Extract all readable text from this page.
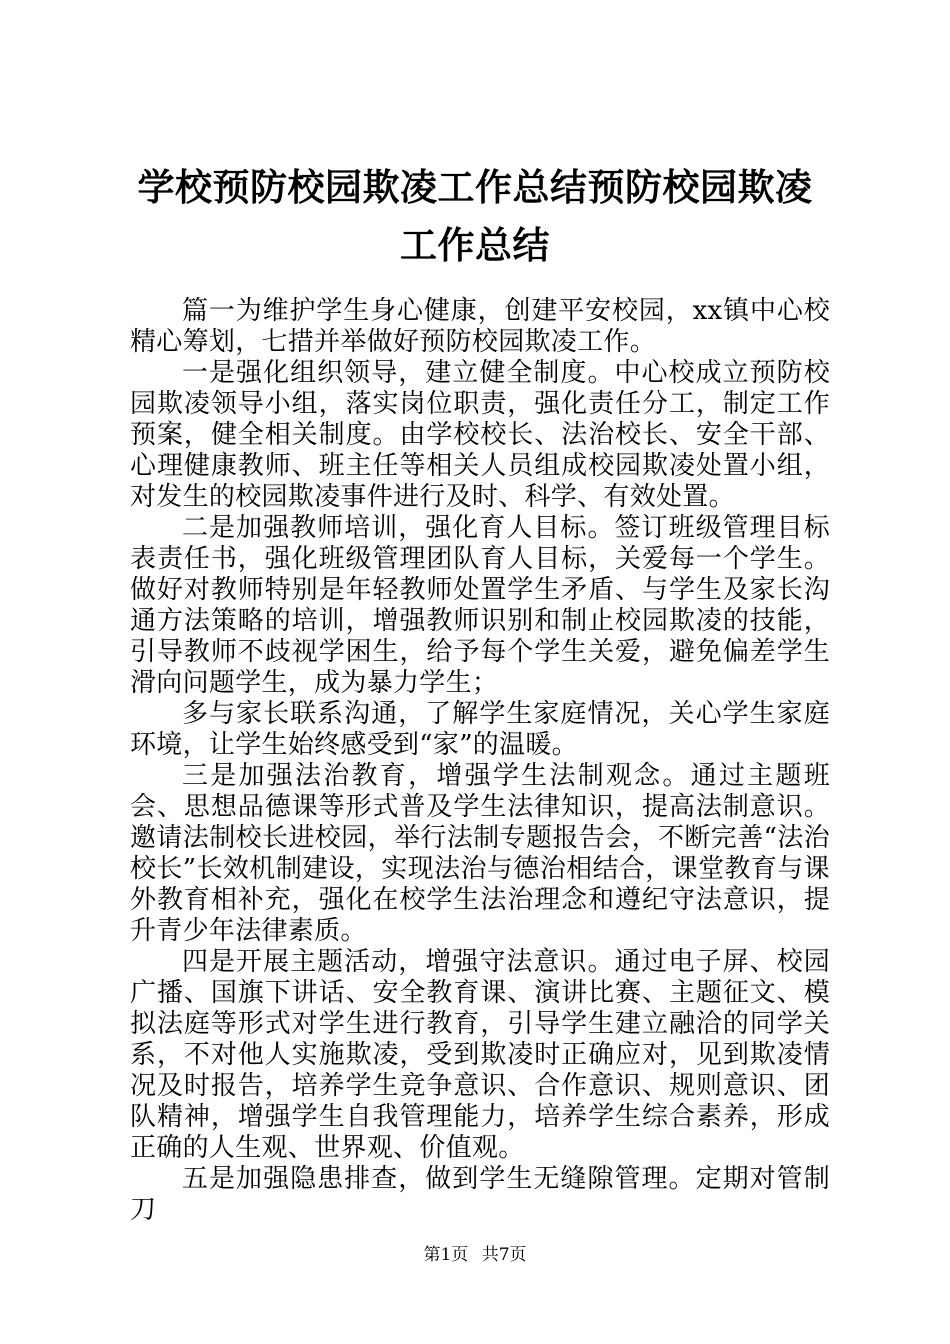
学校预防校园欺凌工作总结预防校园欺凌工作总结

篇一为维护学生身心健康，创建平安校园，xx镇中心校精心筹划，七措并举做好预防校园欺凌工作。

一是强化组织领导，建立健全制度。中心校成立预防校园欺凌领导小组，落实岗位职责，强化责任分工，制定工作预案，健全相关制度。由学校校长、法治校长、安全干部、心理健康教师、班主任等相关人员组成校园欺凌处置小组，对发生的校园欺凌事件进行及时、科学、有效处置。

二是加强教师培训，强化育人目标。签订班级管理目标表责任书，强化班级管理团队育人目标，关爱每一个学生。做好对教师特别是年轻教师处置学生矛盾、与学生及家长沟通方法策略的培训，增强教师识别和制止校园欺凌的技能，引导教师不歧视学困生，给予每个学生关爱，避免偏差学生滑向问题学生，成为暴力学生；

多与家长联系沟通，了解学生家庭情况，关心学生家庭环境，让学生始终感受到“家”的温暖。

三是加强法治教育，增强学生法制观念。通过主题班会、思想品德课等形式普及学生法律知识，提高法制意识。邀请法制校长进校园，举行法制专题报告会，不断完善“法治校长”长效机制建设，实现法治与德治相结合，课堂教育与课外教育相补充，强化在校学生法治理念和遵纪守法意识，提升青少年法律素质。

四是开展主题活动，增强守法意识。通过电子屏、校园广播、国旗下讲话、安全教育课、演讲比赛、主题征文、模拟法庭等形式对学生进行教育，引导学生建立融洽的同学关系，不对他人实施欺凌，受到欺凌时正确应对，见到欺凌情况及时报告，培养学生竞争意识、合作意识、规则意识、团队精神，增强学生自我管理能力，培养学生综合素养，形成正确的人生观、世界观、价值观。

五是加强隐患排查，做到学生无缝隙管理。定期对管制刀

第1页 共7页
